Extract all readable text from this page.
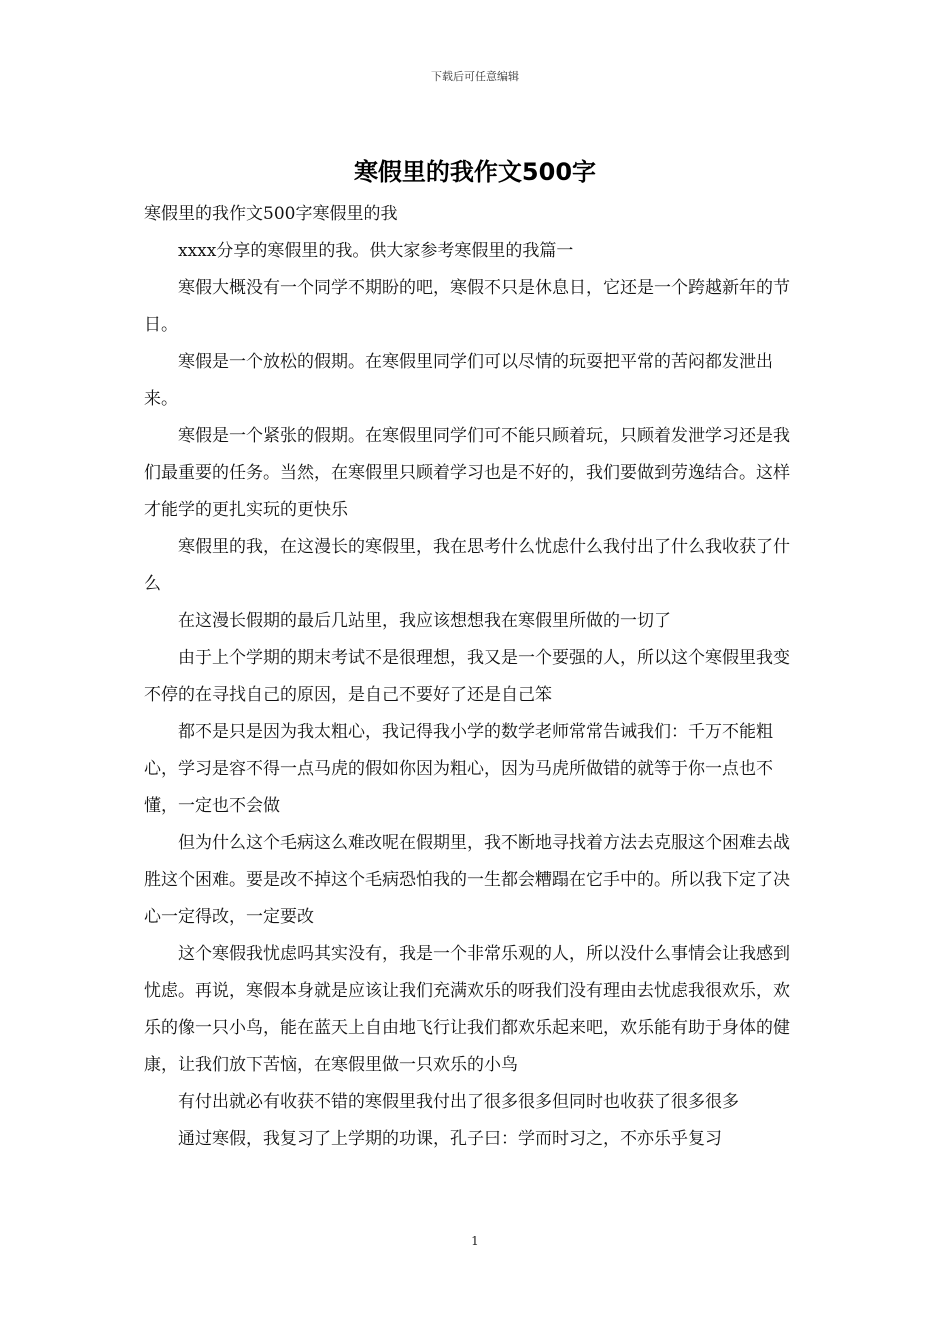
下载后可任意编辑
寒假里的我作文500字

寒假里的我作文500字寒假里的我

xxxx分享的寒假里的我。供大家参考寒假里的我篇一

寒假大概没有一个同学不期盼的吧，寒假不只是休息日，它还是一个跨越新年的节日。

寒假是一个放松的假期。在寒假里同学们可以尽情的玩耍把平常的苦闷都发泄出来。

寒假是一个紧张的假期。在寒假里同学们可不能只顾着玩，只顾着发泄学习还是我们最重要的任务。当然，在寒假里只顾着学习也是不好的，我们要做到劳逸结合。这样才能学的更扎实玩的更快乐

寒假里的我，在这漫长的寒假里，我在思考什么忧虑什么我付出了什么我收获了什么

在这漫长假期的最后几站里，我应该想想我在寒假里所做的一切了

由于上个学期的期末考试不是很理想，我又是一个要强的人，所以这个寒假里我变不停的在寻找自己的原因，是自己不要好了还是自己笨

都不是只是因为我太粗心，我记得我小学的数学老师常常告诫我们：千万不能粗心，学习是容不得一点马虎的假如你因为粗心，因为马虎所做错的就等于你一点也不懂，一定也不会做

但为什么这个毛病这么难改呢在假期里，我不断地寻找着方法去克服这个困难去战胜这个困难。要是改不掉这个毛病恐怕我的一生都会糟蹋在它手中的。所以我下定了决心一定得改，一定要改

这个寒假我忧虑吗其实没有，我是一个非常乐观的人，所以没什么事情会让我感到忧虑。再说，寒假本身就是应该让我们充满欢乐的呀我们没有理由去忧虑我很欢乐，欢乐的像一只小鸟，能在蓝天上自由地飞行让我们都欢乐起来吧，欢乐能有助于身体的健康，让我们放下苦恼，在寒假里做一只欢乐的小鸟

有付出就必有收获不错的寒假里我付出了很多很多但同时也收获了很多很多

通过寒假，我复习了上学期的功课，孔子曰：学而时习之，不亦乐乎复习

1
